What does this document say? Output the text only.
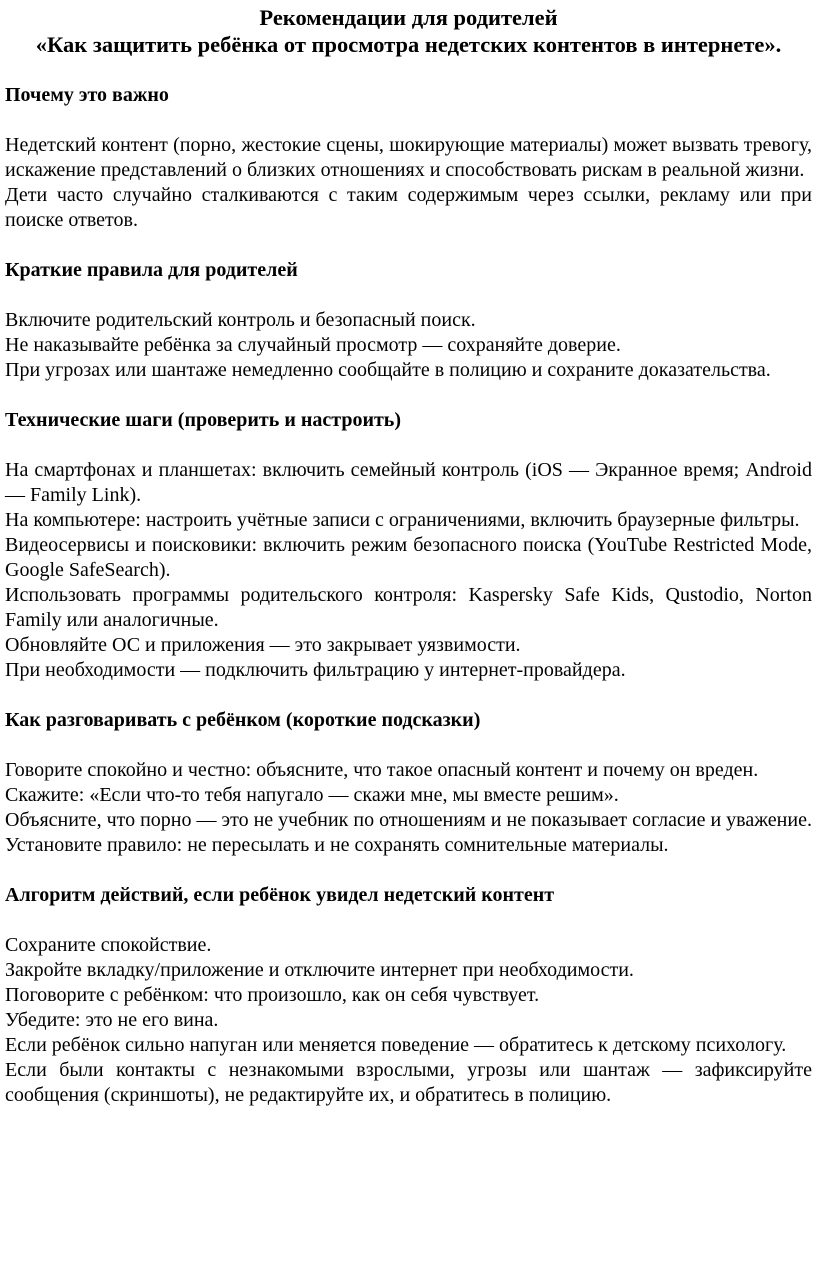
Рекомендации для родителей
«Как защитить ребёнка от просмотра недетских контентов в интернете».
Почему это важно

Недетский контент (порно, жестокие сцены, шокирующие материалы) может вызвать тревогу, искажение представлений о близких отношениях и способствовать рискам в реальной жизни.

Дети часто случайно сталкиваются с таким содержимым через ссылки, рекламу или при поиске ответов.

Краткие правила для родителей

Включите родительский контроль и безопасный поиск.

Не наказывайте ребёнка за случайный просмотр — сохраняйте доверие.

При угрозах или шантаже немедленно сообщайте в полицию и сохраните доказательства.

Технические шаги (проверить и настроить)

На смартфонах и планшетах: включить семейный контроль (iOS — Экранное время; Android — Family Link).

На компьютере: настроить учётные записи с ограничениями, включить браузерные фильтры.

Видеосервисы и поисковики: включить режим безопасного поиска (YouTube Restricted Mode, Google SafeSearch).

Использовать программы родительского контроля: Kaspersky Safe Kids, Qustodio, Norton Family или аналогичные.

Обновляйте ОС и приложения — это закрывает уязвимости.

При необходимости — подключить фильтрацию у интернет-провайдера.

Как разговаривать с ребёнком (короткие подсказки)

Говорите спокойно и честно: объясните, что такое опасный контент и почему он вреден.

Скажите: «Если что-то тебя напугало — скажи мне, мы вместе решим».

Объясните, что порно — это не учебник по отношениям и не показывает согласие и уважение.

Установите правило: не пересылать и не сохранять сомнительные материалы.

Алгоритм действий, если ребёнок увидел недетский контент

Сохраните спокойствие.

Закройте вкладку/приложение и отключите интернет при необходимости.

Поговорите с ребёнком: что произошло, как он себя чувствует.

Убедите: это не его вина.

Если ребёнок сильно напуган или меняется поведение — обратитесь к детскому психологу.

Если были контакты с незнакомыми взрослыми, угрозы или шантаж — зафиксируйте сообщения (скриншоты), не редактируйте их, и обратитесь в полицию.
